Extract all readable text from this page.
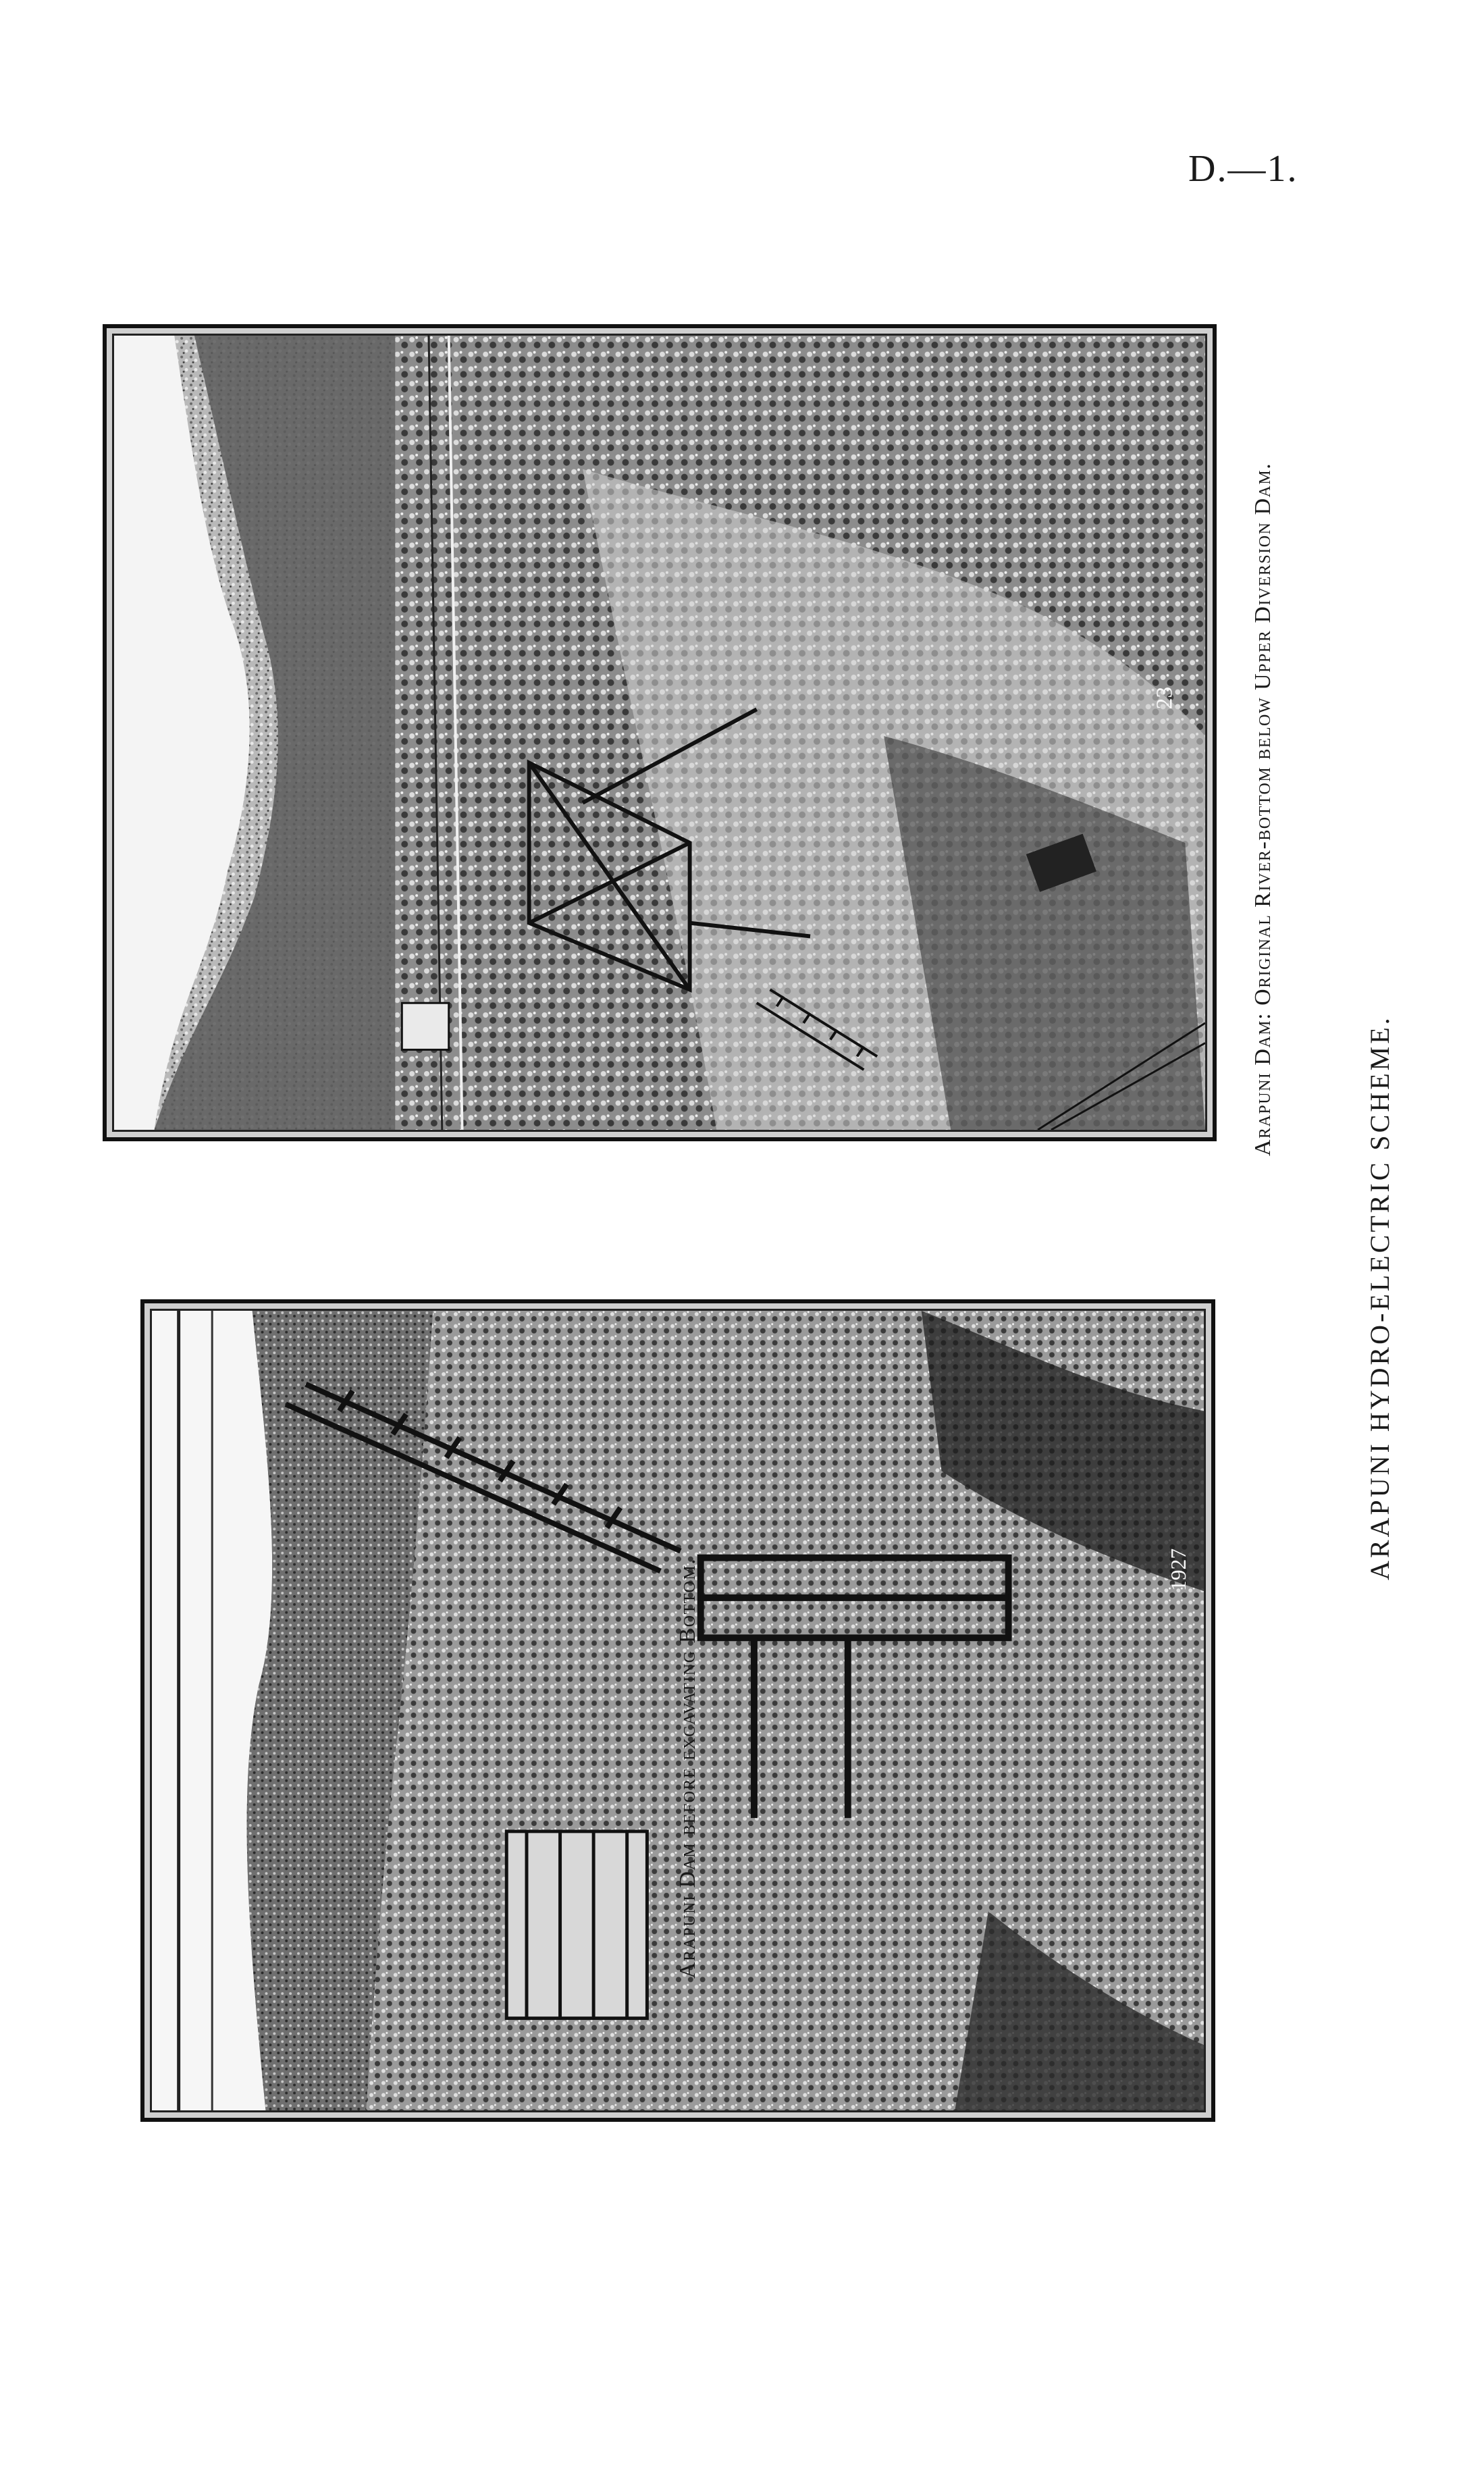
D.—1.
23
1927
Arapuni Dam: Original River-bottom below Upper Diversion Dam.
ARAPUNI HYDRO-ELECTRIC SCHEME.
Arapuni Dam before excavating Bottom.
